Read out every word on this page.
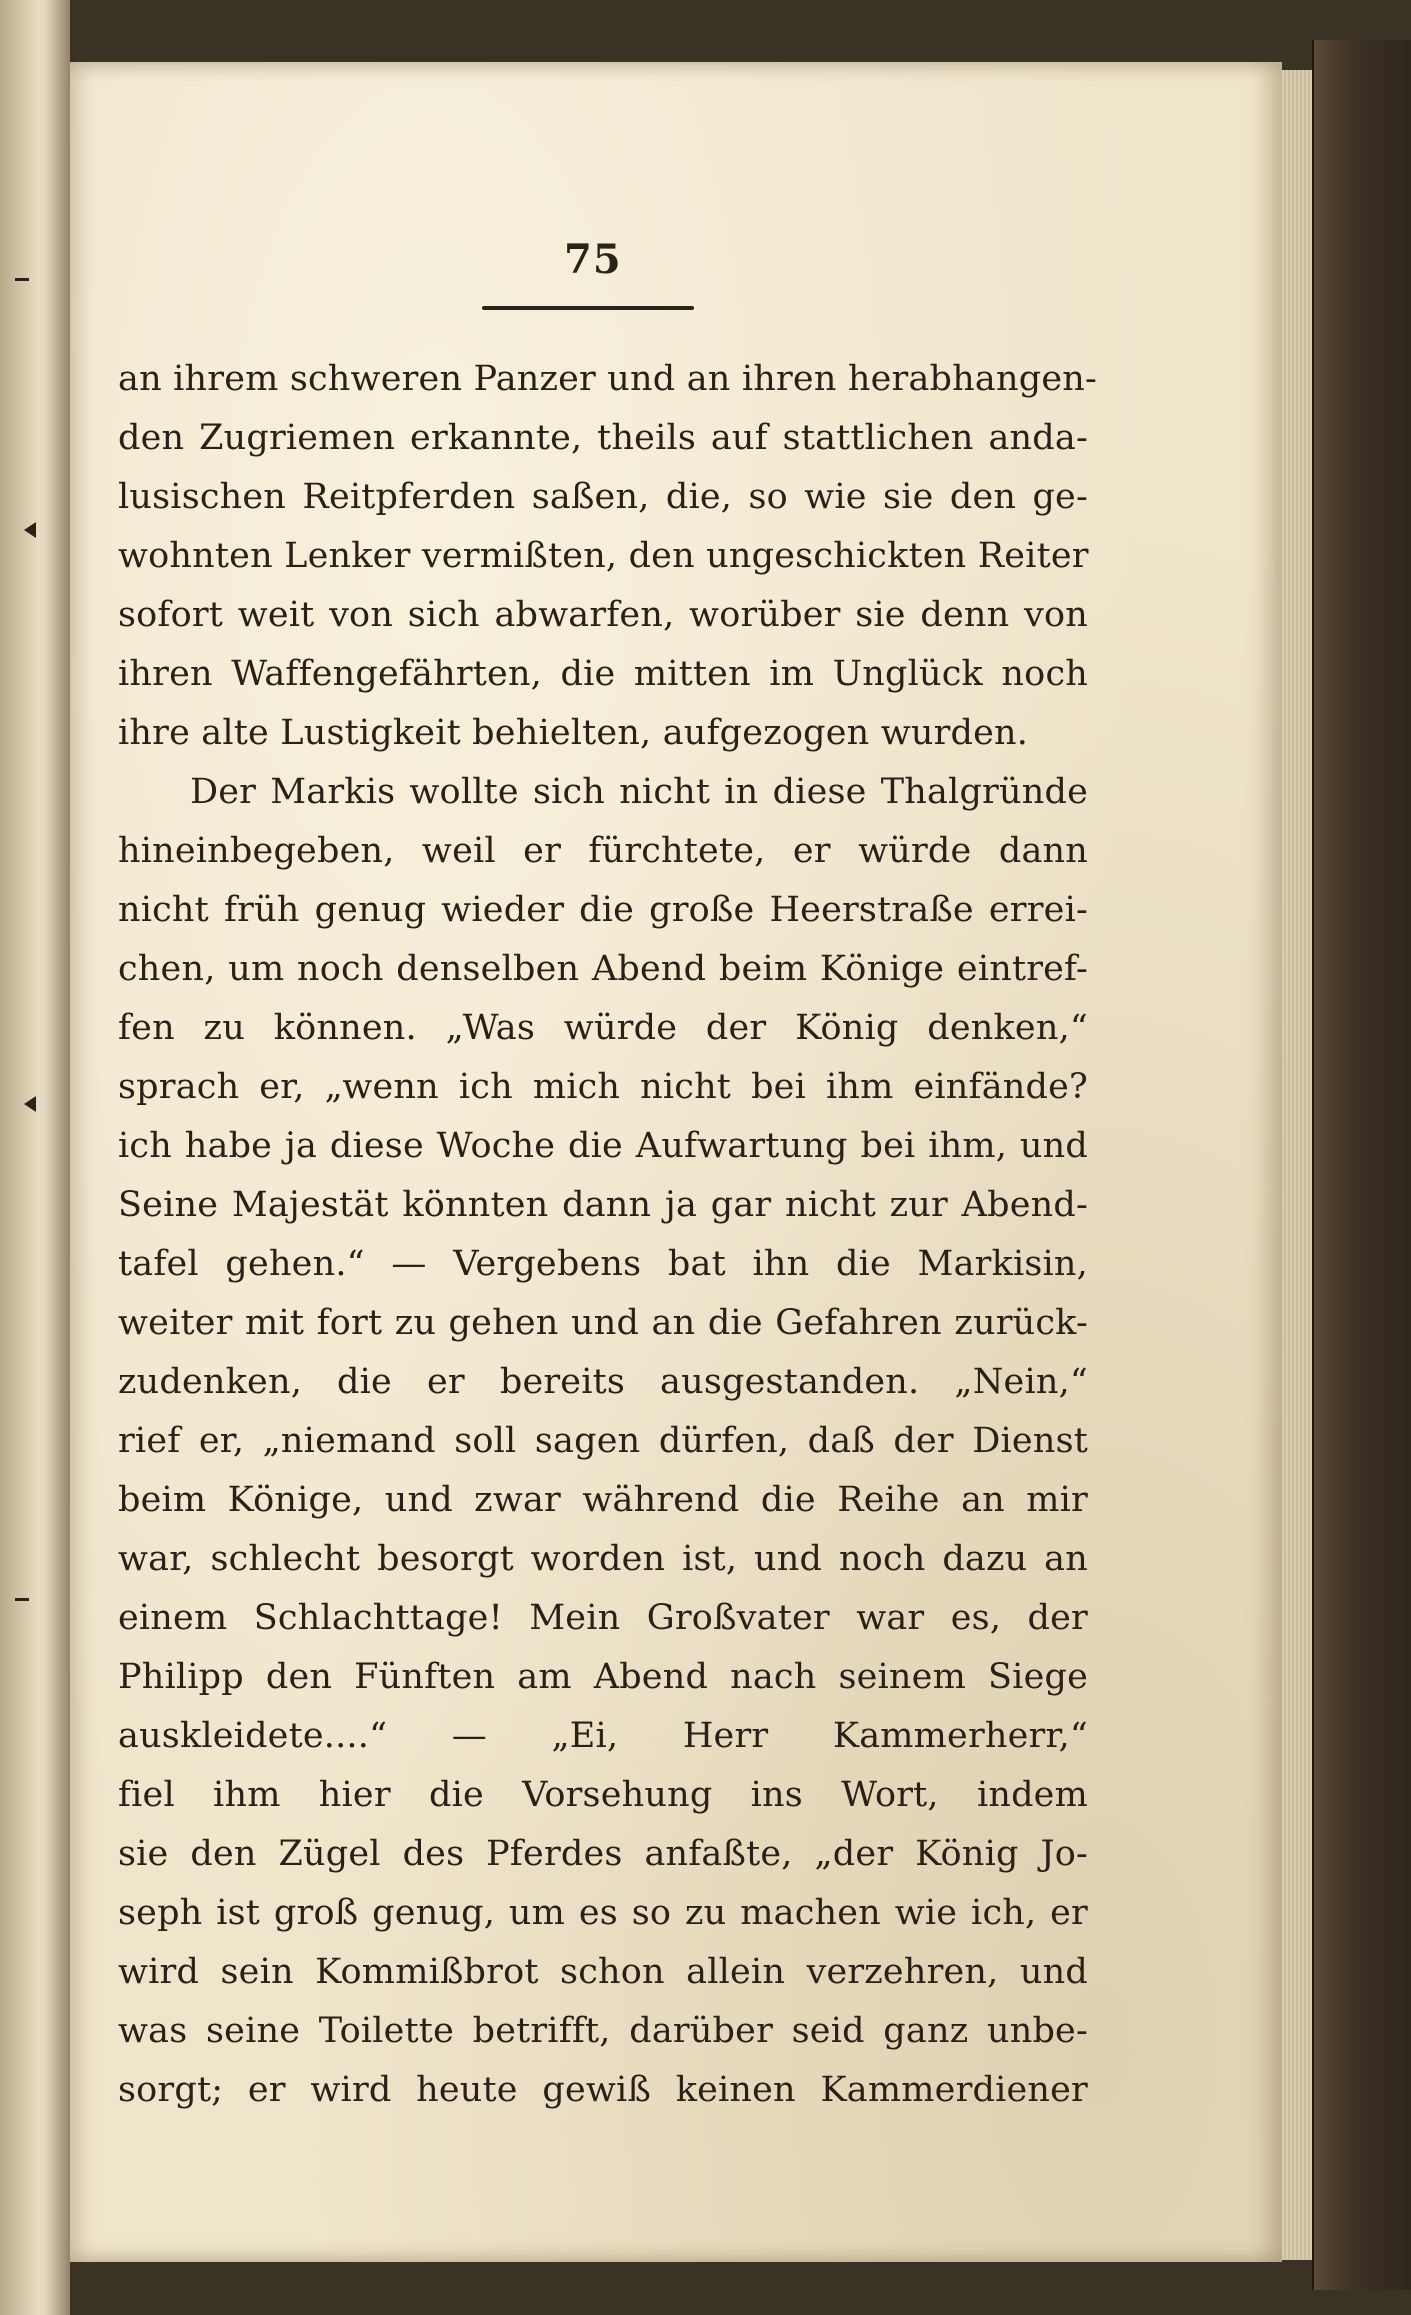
75
an ihrem schweren Panzer und an ihren herabhangen-
den Zugriemen erkannte, theils auf stattlichen anda-
lusischen Reitpferden saßen, die, so wie sie den ge-
wohnten Lenker vermißten, den ungeschickten Reiter
sofort weit von sich abwarfen, worüber sie denn von
ihren Waffengefährten, die mitten im Unglück noch
ihre alte Lustigkeit behielten, aufgezogen wurden.
Der Markis wollte sich nicht in diese Thalgründe
hineinbegeben, weil er fürchtete, er würde dann
nicht früh genug wieder die große Heerstraße errei-
chen, um noch denselben Abend beim Könige eintref-
fen zu können. „Was würde der König denken,“
sprach er, „wenn ich mich nicht bei ihm einfände?
ich habe ja diese Woche die Aufwartung bei ihm, und
Seine Majestät könnten dann ja gar nicht zur Abend-
tafel gehen.“ — Vergebens bat ihn die Markisin,
weiter mit fort zu gehen und an die Gefahren zurück-
zudenken, die er bereits ausgestanden. „Nein,“
rief er, „niemand soll sagen dürfen, daß der Dienst
beim Könige, und zwar während die Reihe an mir
war, schlecht besorgt worden ist, und noch dazu an
einem Schlachttage! Mein Großvater war es, der
Philipp den Fünften am Abend nach seinem Siege
auskleidete....“ — „Ei, Herr Kammerherr,“
fiel ihm hier die Vorsehung ins Wort, indem
sie den Zügel des Pferdes anfaßte, „der König Jo-
seph ist groß genug, um es so zu machen wie ich, er
wird sein Kommißbrot schon allein verzehren, und
was seine Toilette betrifft, darüber seid ganz unbe-
sorgt; er wird heute gewiß keinen Kammerdiener
